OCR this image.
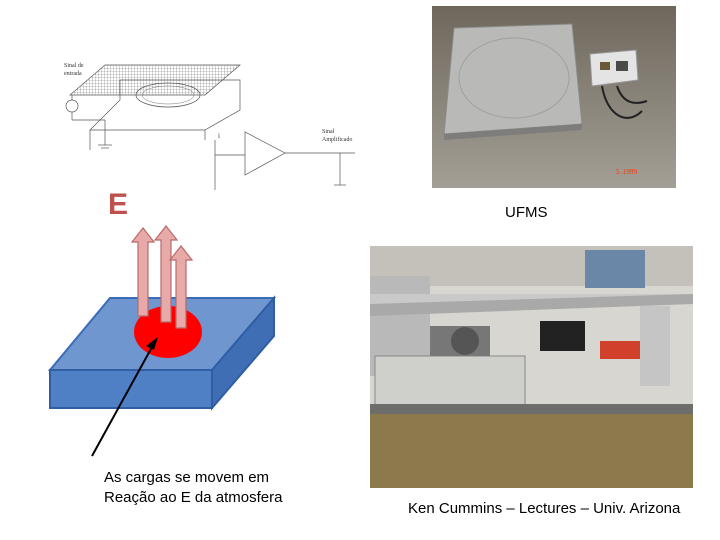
Sinal de
entrada
i	Sinal
Amplificado
5 .1999
UFMS
Ken Cummins – Lectures – Univ. Arizona
E
As cargas se movem em
Reação ao E da atmosfera
